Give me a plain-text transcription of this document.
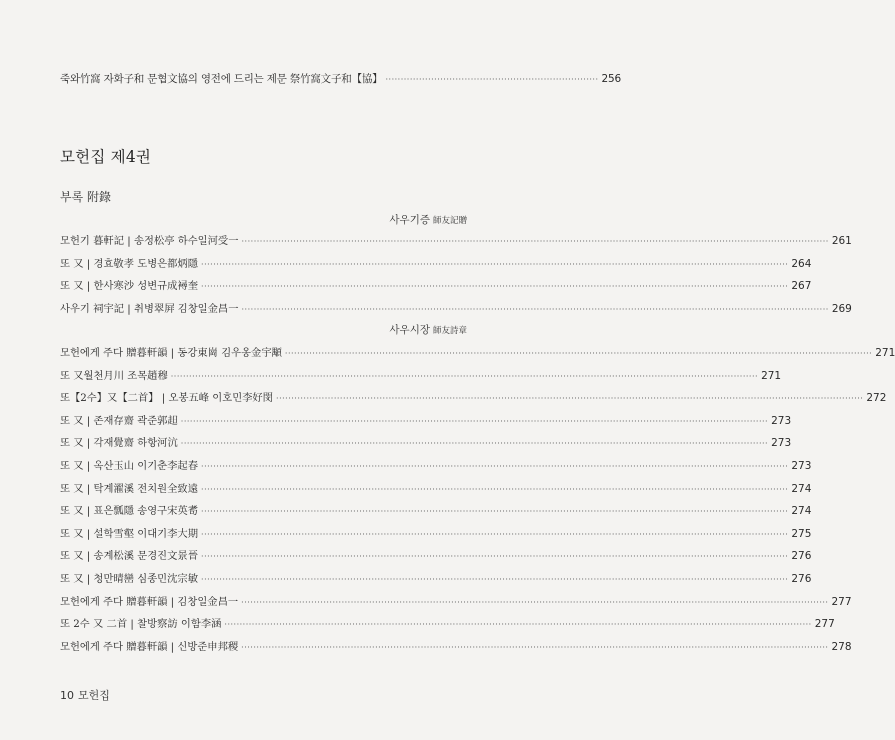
죽와竹窩 자화子和 문협文協의 영전에 드리는 제문 祭竹窩文子和【協】 ······································································ 256
모헌집 제4권
부록 附錄
사우기증 師友記贈
모헌기 暮軒記 | 송정松亭 하수일河受一 ·····	261
또 又 | 경효敬孝 도병은都炳隱 ·····	264
또 又 | 한사寒沙 성변규成襑奎 ·····	267
사우기 祠宇記 | 취병翠屛 김창일金昌一 ·····	269
사우시장 師友詩章
모헌에게 주다 贈暮軒韻 | 동강東崗 김우옹金宇顒 ·····	271
또 又월천月川 조목趙穆 ·····	271
또【2수】又【二首】 | 오봉五峰 이호민李好閔 ·····	272
또 又 | 존재存齋 곽준郭𧺝 ·····	273
또 又 | 각재覺齋 하항河沆 ·····	273
또 又 | 옥산玉山 이기춘李起春 ·····	273
또 又 | 탁계濯溪 전치원全致遠 ·····	274
또 又 | 표은瓢隱 송영구宋英耉 ·····	274
또 又 | 설학雪壑 이대기李大期 ·····	275
또 又 | 송계松溪 문경진文景晉 ·····	276
또 又 | 청만晴巒 심종민沈宗敏 ·····	276
모헌에게 주다 贈暮軒韻 | 김창일金昌一 ·····	277
또 2수 又 二首 | 찰방察訪 이함李涵 ·····	277
모헌에게 주다 贈暮軒韻 | 신방준申邦稷 ·····	278
10 모헌집
